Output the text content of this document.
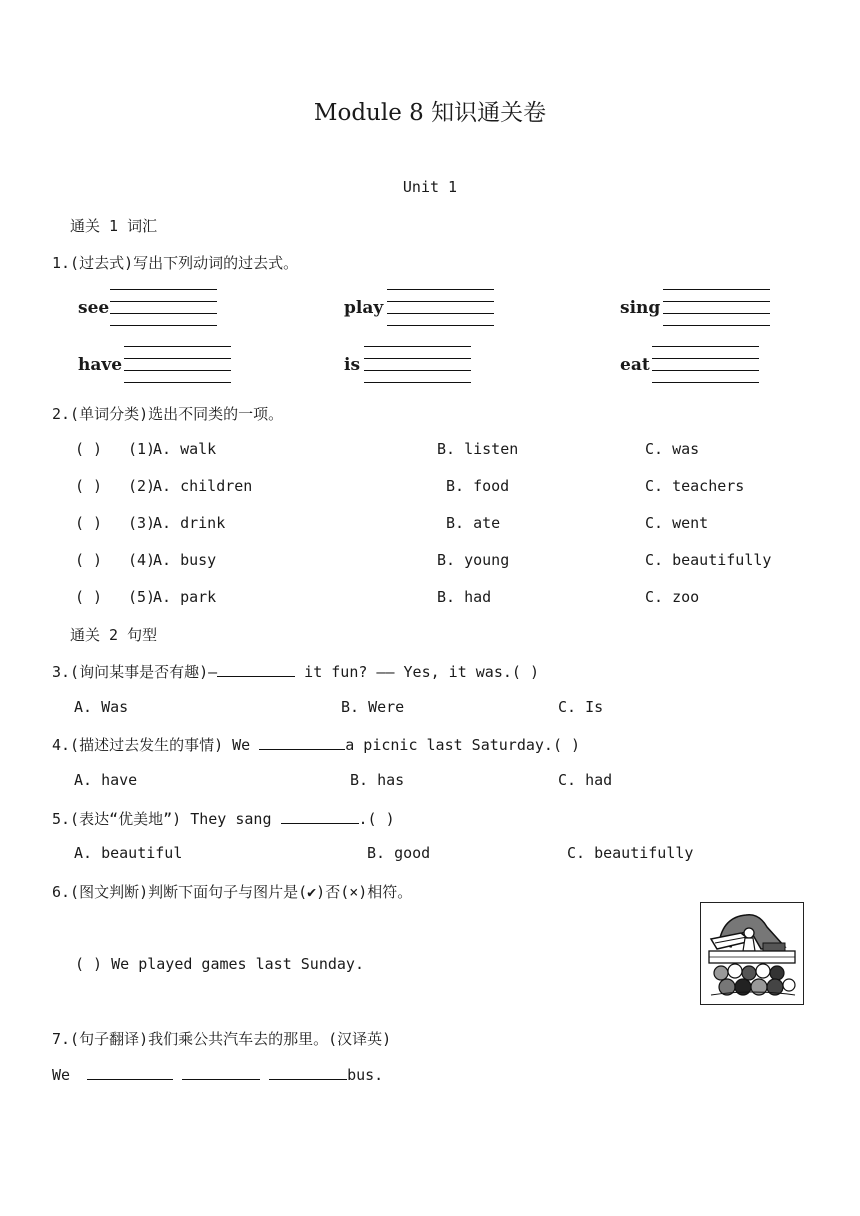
Module 8 知识通关卷
Unit 1
通关 1 词汇
1.(过去式)写出下列动词的过去式。
see	play	sing
have	is	eat
2.(单词分类)选出不同类的一项。
( ) (1)
A. walk	B. listen	C. was
( ) (2)
A. children	B. food	C. teachers
( ) (3)
A. drink	B. ate	C. went
( ) (4)
A. busy	B. young	C. beautifully
( ) (5)
A. park	B. had	C. zoo
通关 2 句型
3.(询问某事是否有趣)—	it fun? —— Yes, it was.( )
A. Was	B. Were	C. Is
4.(描述过去发生的事情) We	a picnic last Saturday.( )
A. have	B. has	C. had
5.(表达“优美地”) They sang	.( )
A. beautiful	B. good	C. beautifully
6.(图文判断)判断下面句子与图片是(✔)否(×)相符。
( ) We played games last Sunday.
7.(句子翻译)我们乘公共汽车去的那里。(汉译英)
We	bus.
